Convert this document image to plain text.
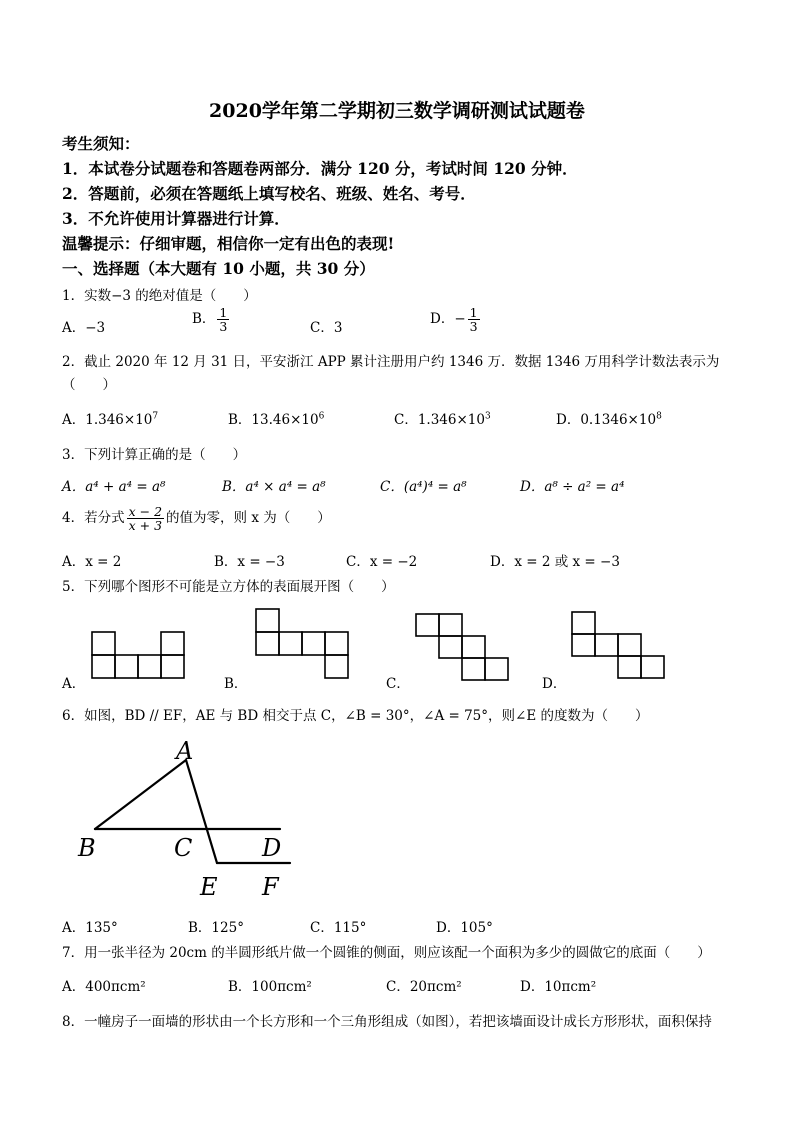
2020学年第二学期初三数学调研测试试题卷
考生须知：
1．本试卷分试题卷和答题卷两部分．满分 120 分，考试时间 120 分钟．
2．答题前，必须在答题纸上填写校名、班级、姓名、考号．
3．不允许使用计算器进行计算．
温馨提示：仔细审题，相信你一定有出色的表现!
一、选择题（本大题有 10 小题，共 30 分）
1．实数−3 的绝对值是（　　）
A．−3
B． $\frac{1}{3}$	C．3
D．− $\frac{1}{3}$
2．截止 2020 年 12 月 31 日，平安浙江 APP 累计注册用户约 1346 万．数据 1346 万用科学计数法表示为
（　　）
A．$1.346\times 10^7$	B．$13.46\times 10^6$	C．$1.346\times 10^3$	D．$0.1346\times 10^8$
3．下列计算正确的是（　　）
A．a⁴ + a⁴ = a⁸	B．a⁴ × a⁴ = a⁸	C．(a⁴)⁴ = a⁸	D．a⁸ ÷ a² = a⁴
4．若分式 $\frac{x - 2}{x + 3}$ 的值为零，则 x 为（　　）
A．x = 2	B．x = −3	C．x = −2	D．x = 2 或 x = −3
5．下列哪个图形不可能是立方体的表面展开图（　　）
A．	B．	C．	D．
6．如图，BD // EF，AE 与 BD 相交于点 C，∠B = 30°，∠A = 75°，则∠E 的度数为（　　）
A
B	C	D
E F
A．135°	B．125°	C．115°	D．105°
7．用一张半径为 20cm 的半圆形纸片做一个圆锥的侧面，则应该配一个面积为多少的圆做它的底面（　　）
A．400πcm²	B．100πcm²	C．20πcm²	D．10πcm²
8．一幢房子一面墙的形状由一个长方形和一个三角形组成（如图），若把该墙面设计成长方形形状，面积保持
